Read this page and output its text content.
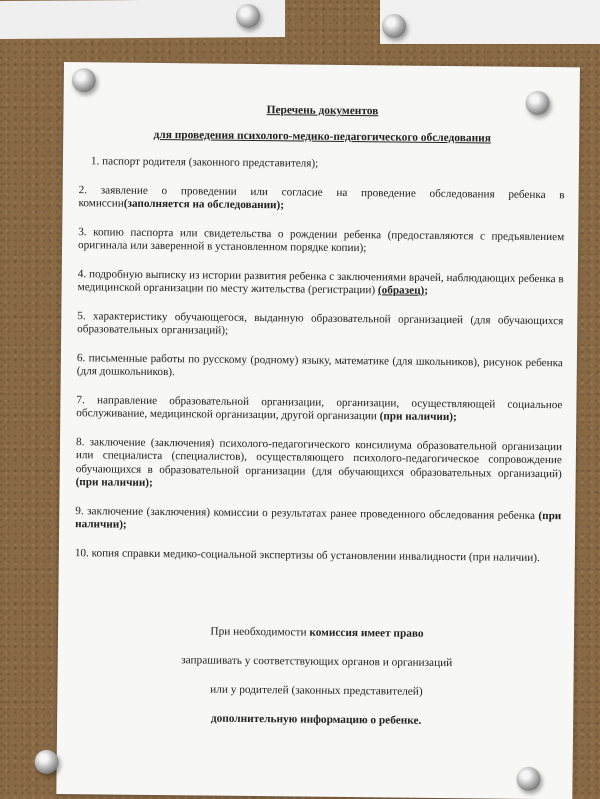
Перечень документов

для проведения психолого-медико-педагогического обследования

1. паспорт родителя (законного представителя);

2. заявление о проведении или согласие на проведение обследования ребенка в комиссии(заполняется на обследовании);

3. копию паспорта или свидетельства о рождении ребенка (предоставляются с предъявлением оригинала или заверенной в установленном порядке копии);

4. подробную выписку из истории развития ребенка с заключениями врачей, наблюдающих ребенка в медицинской организации по месту жительства (регистрации) (образец);

5. характеристику обучающегося, выданную образовательной организацией (для обучающихся образовательных организаций);

6. письменные работы по русскому (родному) языку, математике (для школьников), рисунок ребенка (для дошкольников).

7. направление образовательной организации, организации, осуществляющей социальное обслуживание, медицинской организации, другой организации (при наличии);

8. заключение (заключения) психолого-педагогического консилиума образовательной организации или специалиста (специалистов), осуществляющего психолого-педагогическое сопровождение обучающихся в образовательной организации (для обучающихся образовательных организаций) (при наличии);

9. заключение (заключения) комиссии о результатах ранее проведенного обследования ребенка (при наличии);

10. копия справки медико-социальной экспертизы об установлении инвалидности (при наличии).

При необходимости комиссия имеет право

запрашивать у соответствующих органов и организаций

или у родителей (законных представителей)

дополнительную информацию о ребенке.
